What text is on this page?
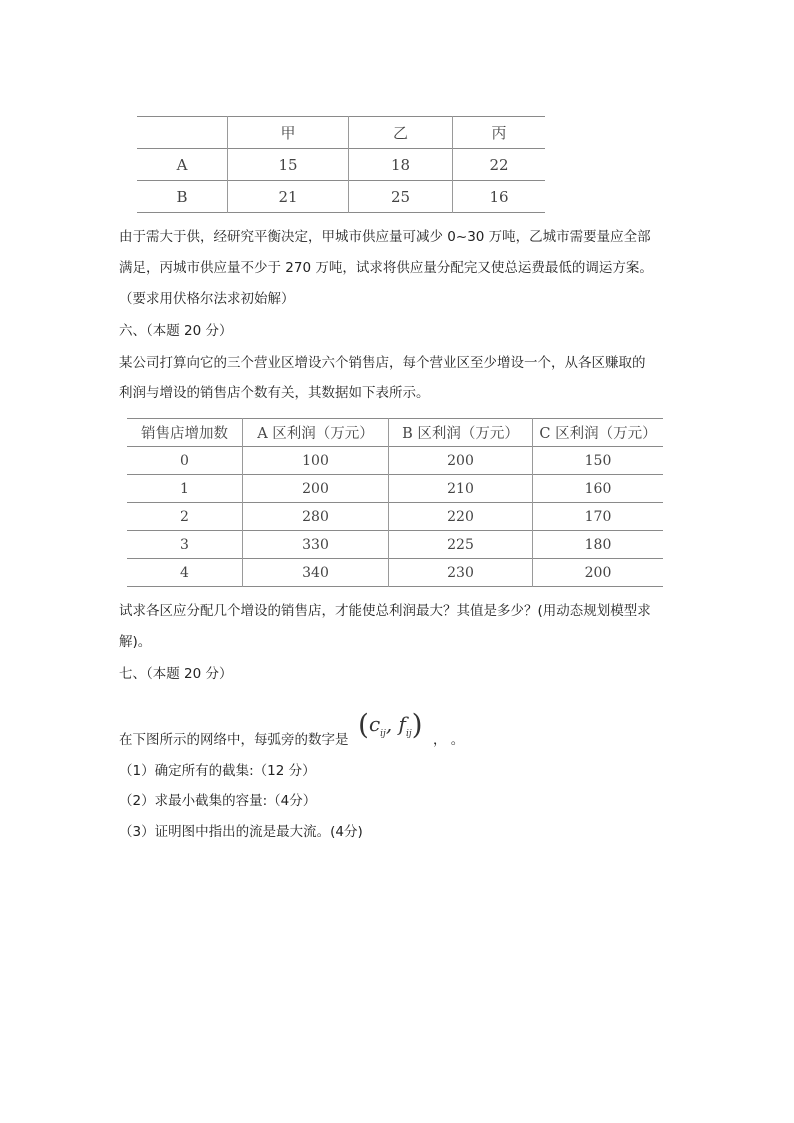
	甲	乙	丙
A	15	18	22
B	21	25	16
由于需大于供，经研究平衡决定，甲城市供应量可减少 0~30 万吨，乙城市需要量应全部
满足，丙城市供应量不少于 270 万吨，试求将供应量分配完又使总运费最低的调运方案。
（要求用伏格尔法求初始解）
六、（本题 20 分）
某公司打算向它的三个营业区增设六个销售店，每个营业区至少增设一个，从各区赚取的
利润与增设的销售店个数有关，其数据如下表所示。
销售店增加数	A 区利润（万元）	B 区利润（万元）	C 区利润（万元）
0	100	200	150
1	200	210	160
2	280	220	170
3	330	225	180
4	340	230	200
试求各区应分配几个增设的销售店，才能使总利润最大？其值是多少？(用动态规划模型求
解)。
七、（本题 20 分）
在下图所示的网络中，每弧旁的数字是 ($c_{ij}$, $f_{ij}$) ， 。
（1）确定所有的截集:（12 分）
（2）求最小截集的容量:（4分）
（3）证明图中指出的流是最大流。(4分)
